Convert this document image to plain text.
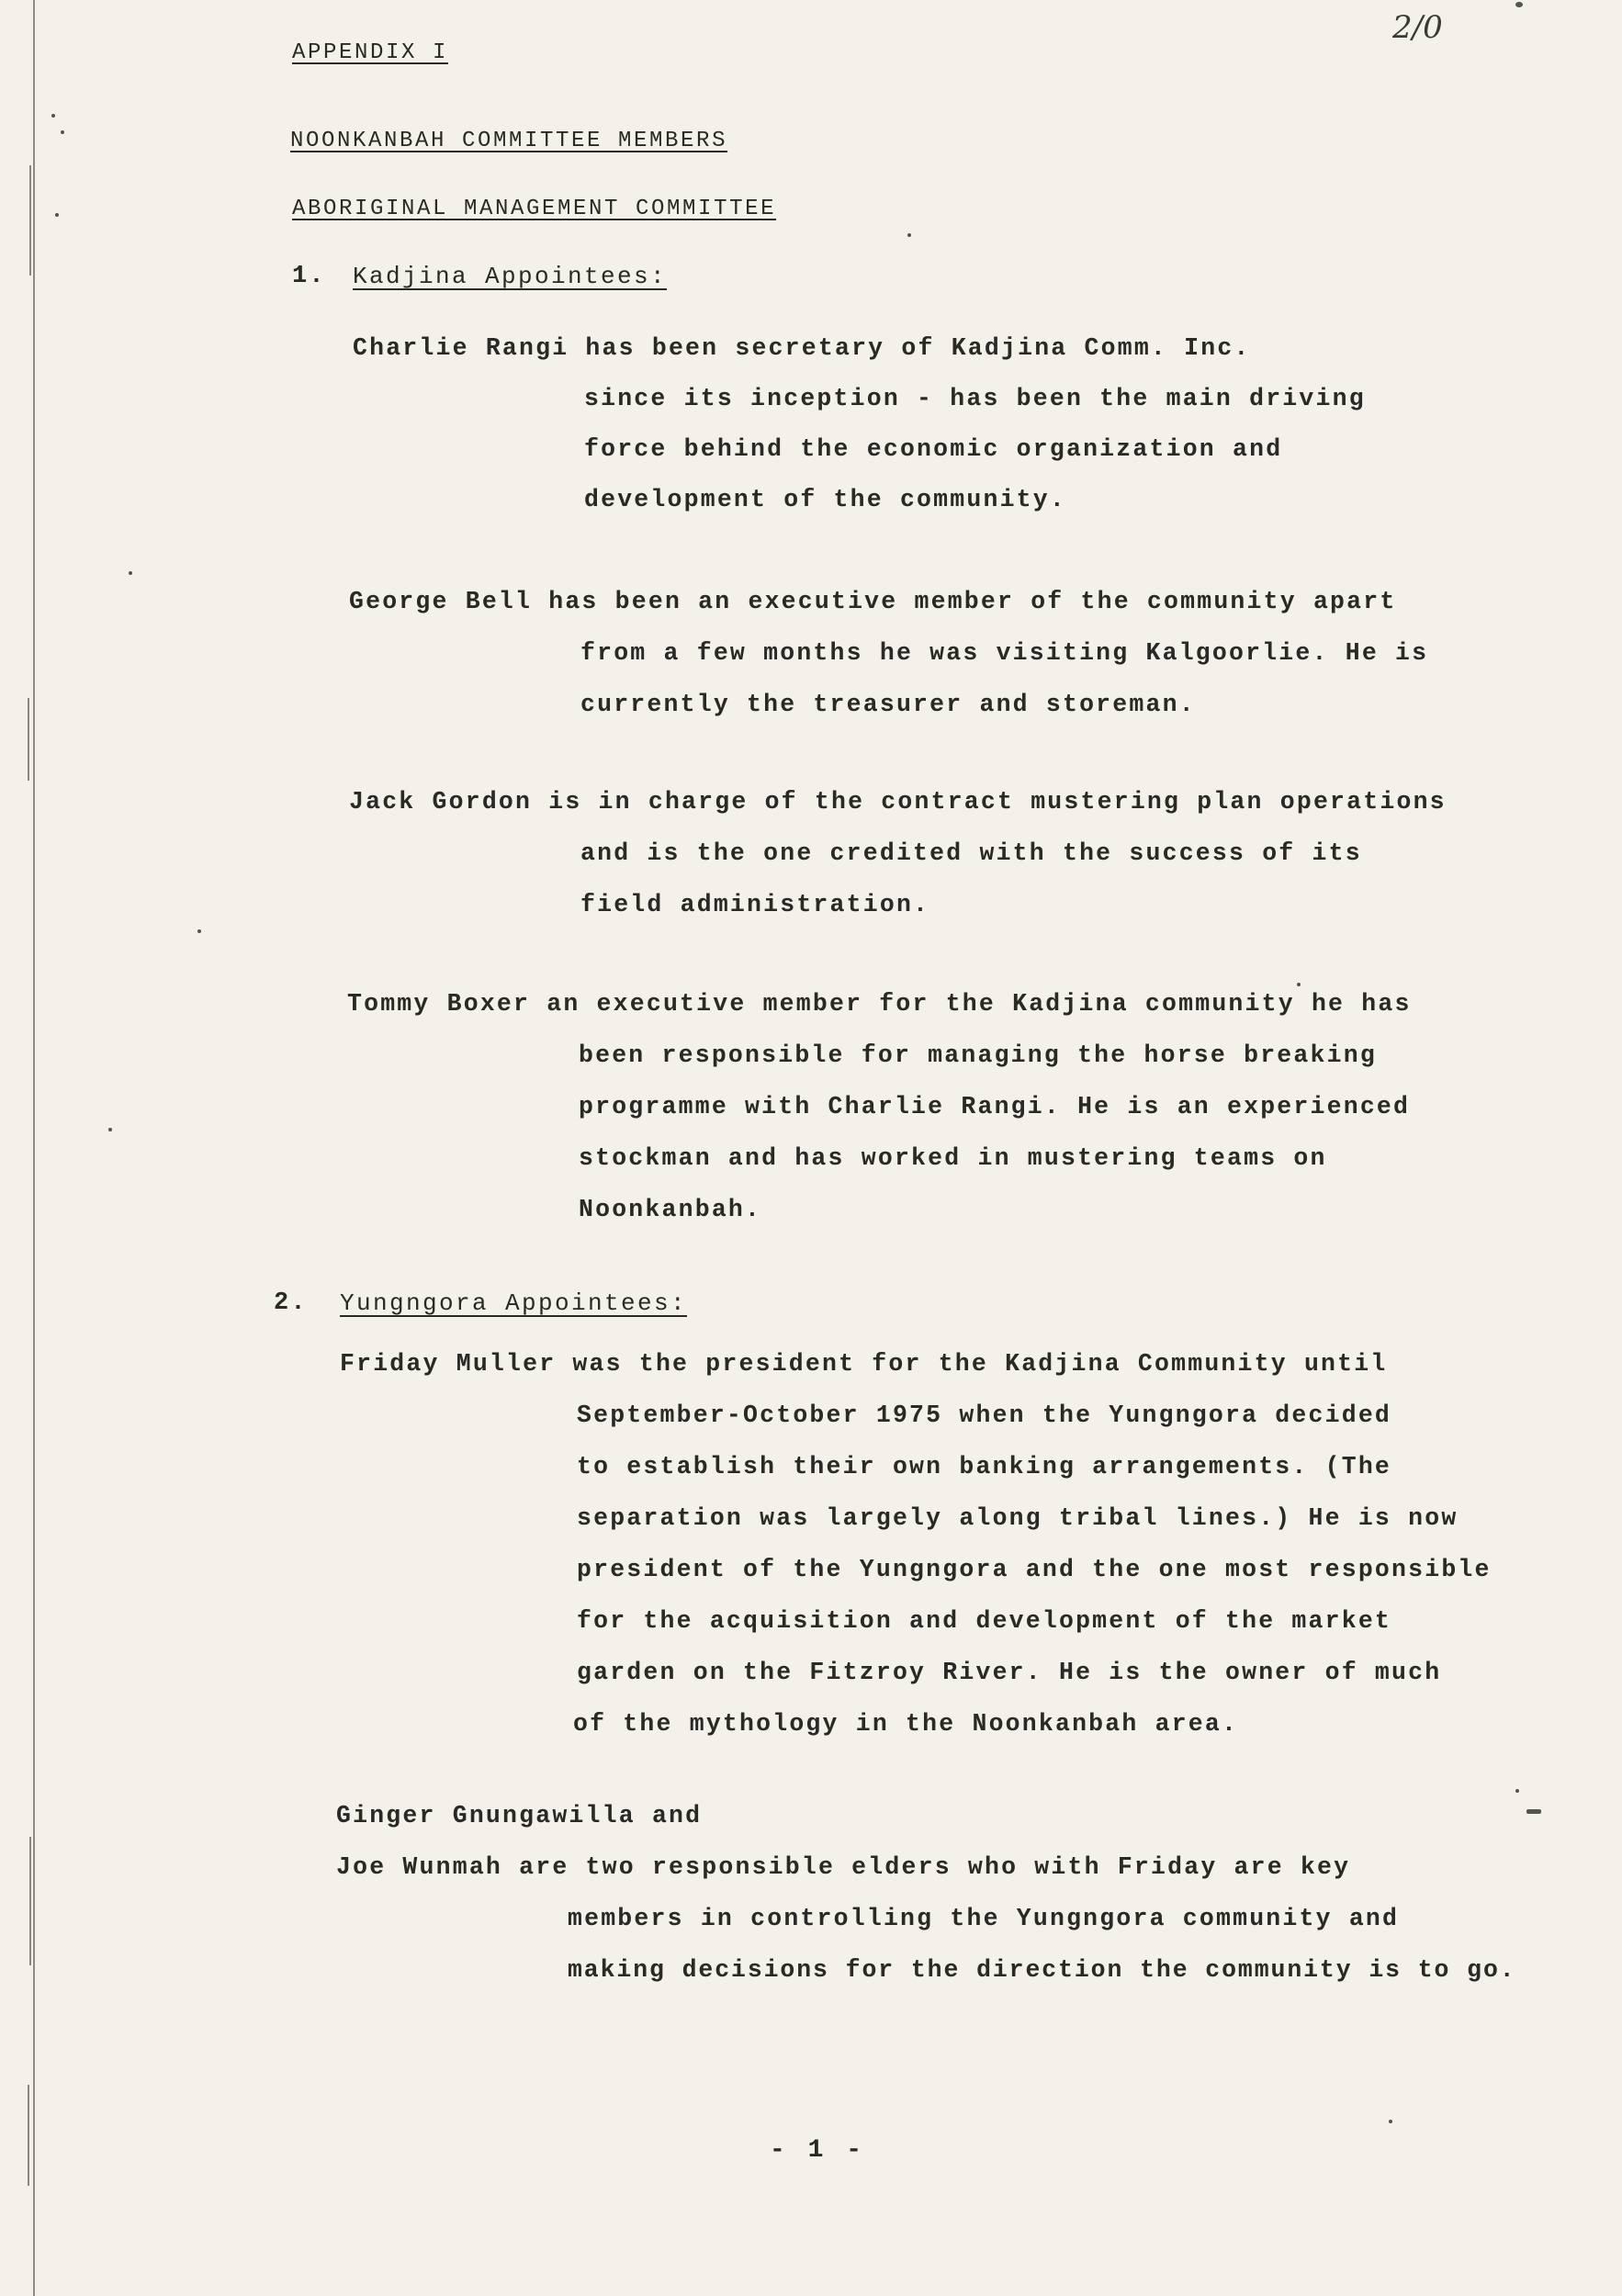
APPENDIX I
2/0
NOONKANBAH COMMITTEE MEMBERS
ABORIGINAL MANAGEMENT COMMITTEE
1. Kadjina Appointees:
Charlie Rangi has been secretary of Kadjina Comm. Inc.
since its inception - has been the main driving
force behind the economic organization and
development of the community.
George Bell has been an executive member of the community apart
from a few months he was visiting Kalgoorlie. He is
currently the treasurer and storeman.
Jack Gordon is in charge of the contract mustering plan operations
and is the one credited with the success of its
field administration.
Tommy Boxer an executive member for the Kadjina community he has
been responsible for managing the horse breaking
programme with Charlie Rangi. He is an experienced
stockman and has worked in mustering teams on
Noonkanbah.
2. Yungngora Appointees:
Friday Muller was the president for the Kadjina Community until
September-October 1975 when the Yungngora decided
to establish their own banking arrangements. (The
separation was largely along tribal lines.) He is now
president of the Yungngora and the one most responsible
for the acquisition and development of the market
garden on the Fitzroy River. He is the owner of much
of the mythology in the Noonkanbah area.
Ginger Gnungawilla and
Joe Wunmah are two responsible elders who with Friday are key
members in controlling the Yungngora community and
making decisions for the direction the community is to go.
- 1 -
